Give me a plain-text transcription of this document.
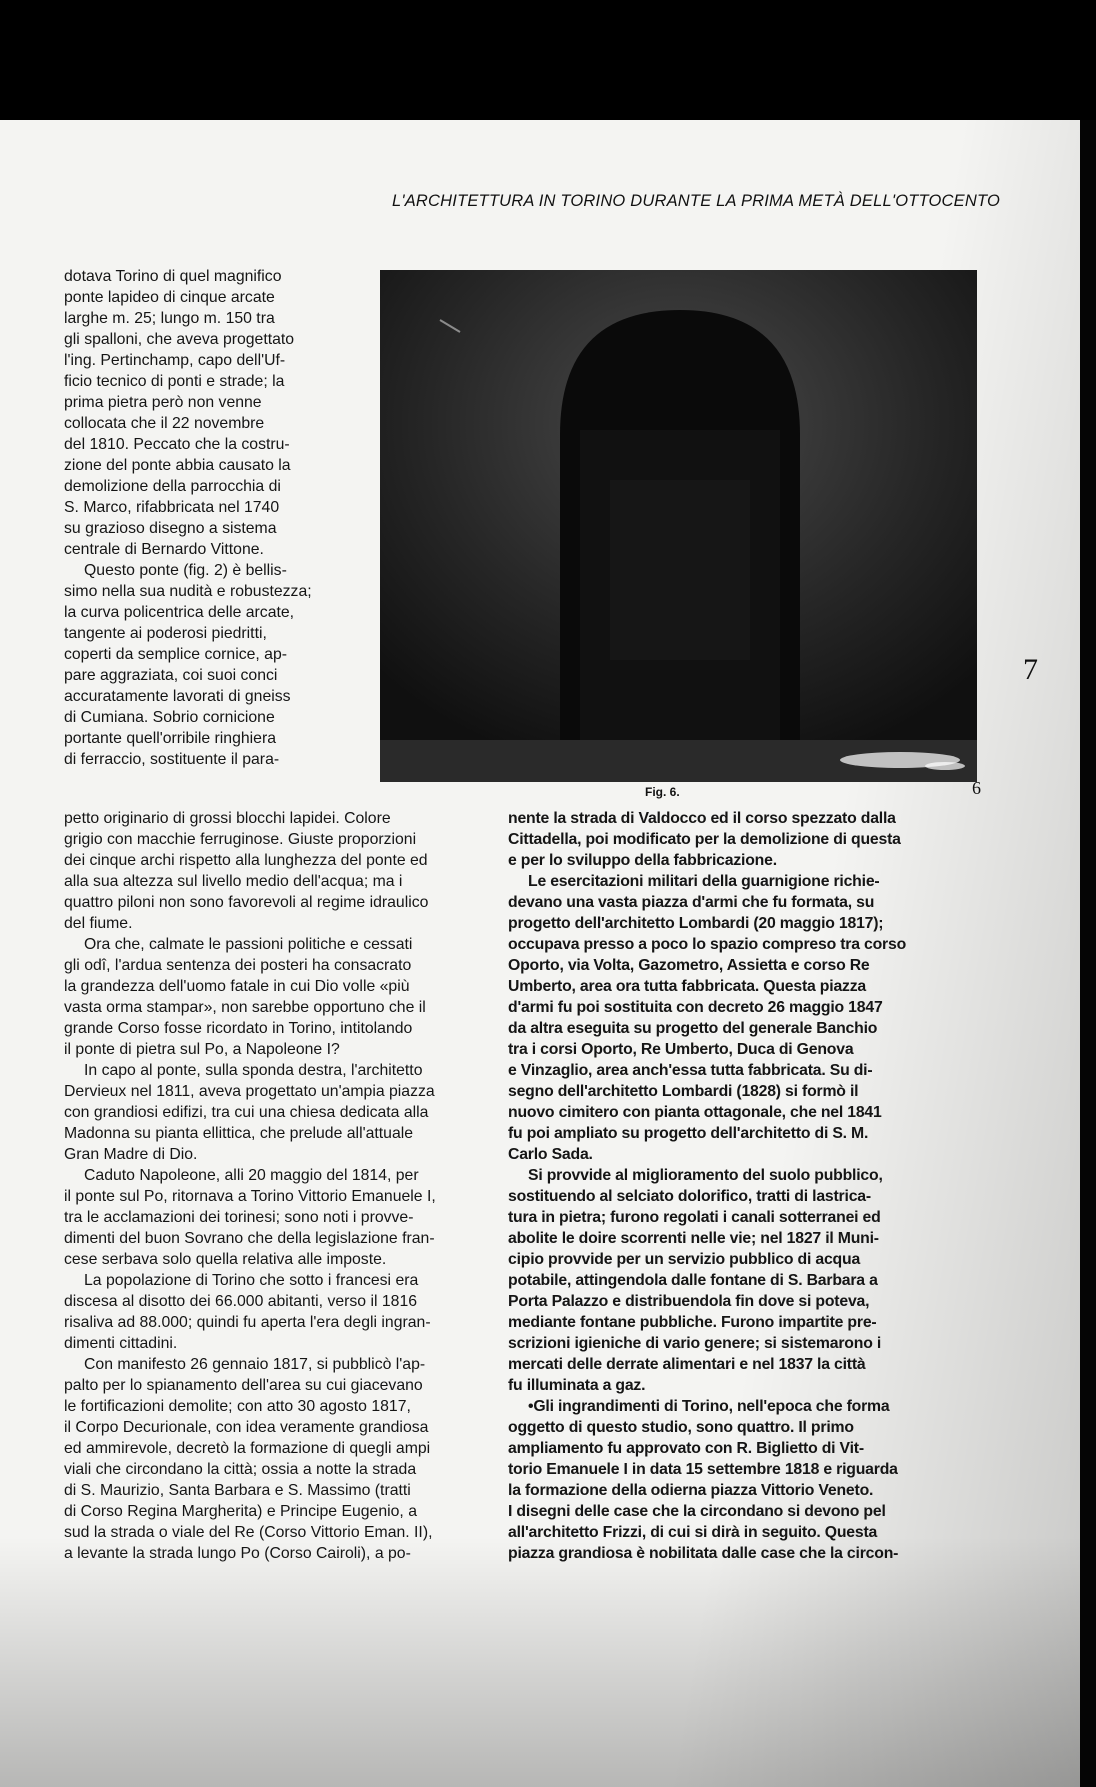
L'ARCHITETTURA IN TORINO DURANTE LA PRIMA METÀ DELL'OTTOCENTO
dotava Torino di quel magnifico
ponte lapideo di cinque arcate
larghe m. 25; lungo m. 150 tra
gli spalloni, che aveva progettato
l'ing. Pertinchamp, capo dell'Uf-
ficio tecnico di ponti e strade; la
prima pietra però non venne
collocata che il 22 novembre
del 1810. Peccato che la costru-
zione del ponte abbia causato la
demolizione della parrocchia di
S. Marco, rifabbricata nel 1740
su grazioso disegno a sistema
centrale di Bernardo Vittone.
Questo ponte (fig. 2) è bellis-
simo nella sua nudità e robustezza;
la curva policentrica delle arcate,
tangente ai poderosi piedritti,
coperti da semplice cornice, ap-
pare aggraziata, coi suoi conci
accuratamente lavorati di gneiss
di Cumiana. Sobrio cornicione
portante quell'orribile ringhiera
di ferraccio, sostituente il para-
Fig. 6.
7
6
petto originario di grossi blocchi lapidei. Colore
grigio con macchie ferruginose. Giuste proporzioni
dei cinque archi rispetto alla lunghezza del ponte ed
alla sua altezza sul livello medio dell'acqua; ma i
quattro piloni non sono favorevoli al regime idraulico
del fiume.
Ora che, calmate le passioni politiche e cessati
gli odî, l'ardua sentenza dei posteri ha consacrato
la grandezza dell'uomo fatale in cui Dio volle «più
vasta orma stampar», non sarebbe opportuno che il
grande Corso fosse ricordato in Torino, intitolando
il ponte di pietra sul Po, a Napoleone I?
In capo al ponte, sulla sponda destra, l'architetto
Dervieux nel 1811, aveva progettato un'ampia piazza
con grandiosi edifizi, tra cui una chiesa dedicata alla
Madonna su pianta ellittica, che prelude all'attuale
Gran Madre di Dio.
Caduto Napoleone, alli 20 maggio del 1814, per
il ponte sul Po, ritornava a Torino Vittorio Emanuele I,
tra le acclamazioni dei torinesi; sono noti i provve-
dimenti del buon Sovrano che della legislazione fran-
cese serbava solo quella relativa alle imposte.
La popolazione di Torino che sotto i francesi era
discesa al disotto dei 66.000 abitanti, verso il 1816
risaliva ad 88.000; quindi fu aperta l'era degli ingran-
dimenti cittadini.
Con manifesto 26 gennaio 1817, si pubblicò l'ap-
palto per lo spianamento dell'area su cui giacevano
le fortificazioni demolite; con atto 30 agosto 1817,
il Corpo Decurionale, con idea veramente grandiosa
ed ammirevole, decretò la formazione di quegli ampi
viali che circondano la città; ossia a notte la strada
di S. Maurizio, Santa Barbara e S. Massimo (tratti
di Corso Regina Margherita) e Principe Eugenio, a
sud la strada o viale del Re (Corso Vittorio Eman. II),
a levante la strada lungo Po (Corso Cairoli), a po-
nente la strada di Valdocco ed il corso spezzato dalla
Cittadella, poi modificato per la demolizione di questa
e per lo sviluppo della fabbricazione.
Le esercitazioni militari della guarnigione richie-
devano una vasta piazza d'armi che fu formata, su
progetto dell'architetto Lombardi (20 maggio 1817);
occupava presso a poco lo spazio compreso tra corso
Oporto, via Volta, Gazometro, Assietta e corso Re
Umberto, area ora tutta fabbricata. Questa piazza
d'armi fu poi sostituita con decreto 26 maggio 1847
da altra eseguita su progetto del generale Banchio
tra i corsi Oporto, Re Umberto, Duca di Genova
e Vinzaglio, area anch'essa tutta fabbricata. Su di-
segno dell'architetto Lombardi (1828) si formò il
nuovo cimitero con pianta ottagonale, che nel 1841
fu poi ampliato su progetto dell'architetto di S. M.
Carlo Sada.
Si provvide al miglioramento del suolo pubblico,
sostituendo al selciato dolorifico, tratti di lastrica-
tura in pietra; furono regolati i canali sotterranei ed
abolite le doire scorrenti nelle vie; nel 1827 il Muni-
cipio provvide per un servizio pubblico di acqua
potabile, attingendola dalle fontane di S. Barbara a
Porta Palazzo e distribuendola fin dove si poteva,
mediante fontane pubbliche. Furono impartite pre-
scrizioni igieniche di vario genere; si sistemarono i
mercati delle derrate alimentari e nel 1837 la città
fu illuminata a gaz.
•Gli ingrandimenti di Torino, nell'epoca che forma
oggetto di questo studio, sono quattro. Il primo
ampliamento fu approvato con R. Biglietto di Vit-
torio Emanuele I in data 15 settembre 1818 e riguarda
la formazione della odierna piazza Vittorio Veneto.
I disegni delle case che la circondano si devono pel
all'architetto Frizzi, di cui si dirà in seguito. Questa
piazza grandiosa è nobilitata dalle case che la circon-
